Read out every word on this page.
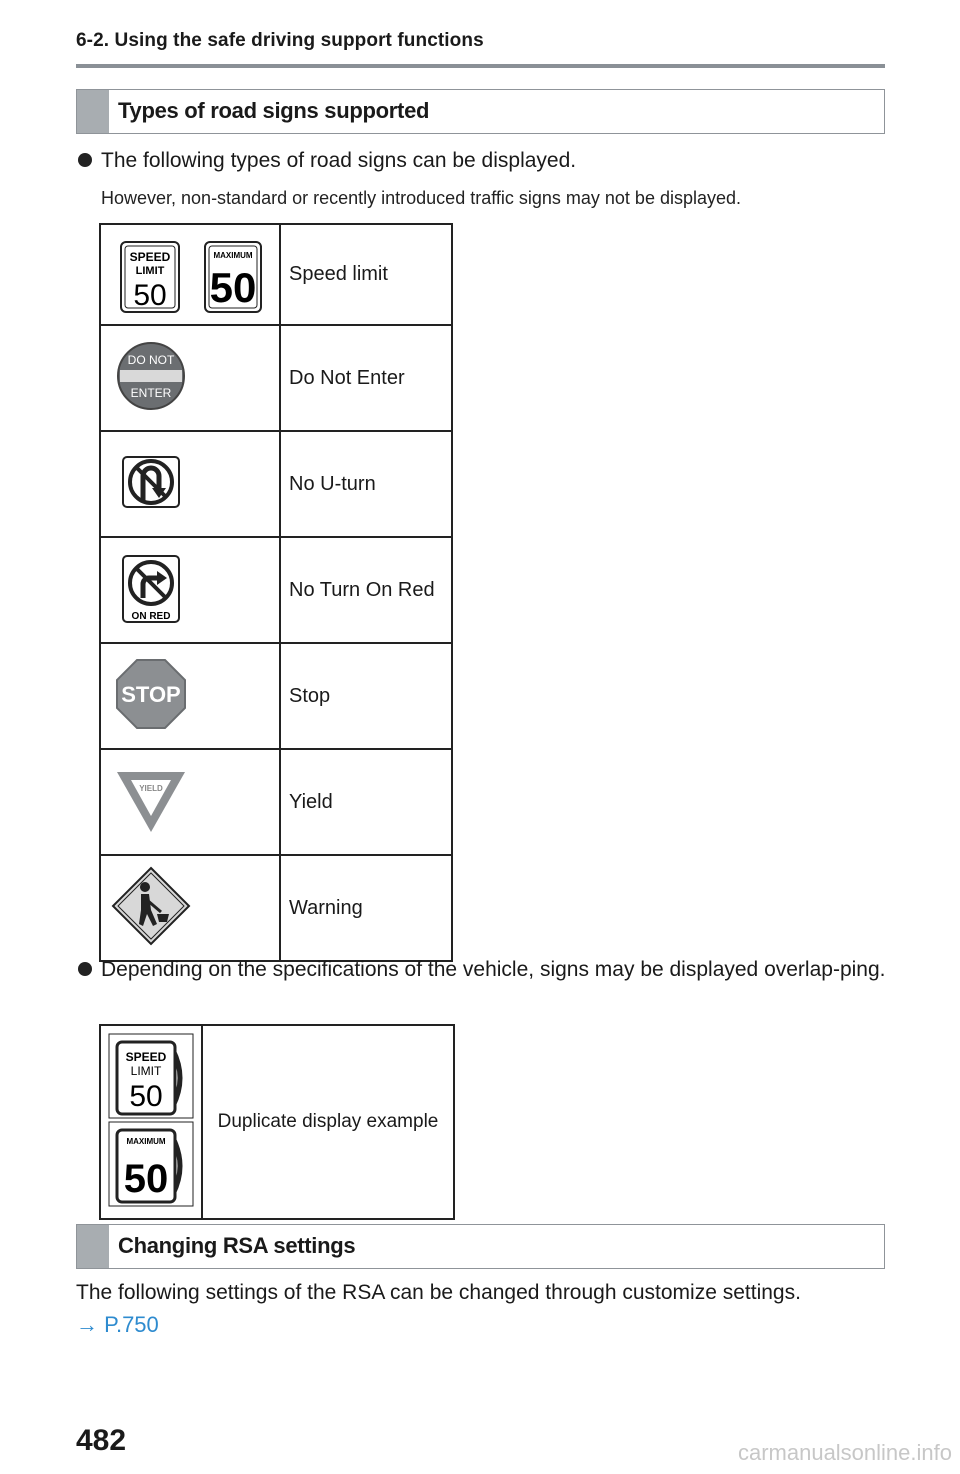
6-2. Using the safe driving support functions
Types of road signs supported
The following types of road signs can be displayed.
However, non-standard or recently introduced traffic signs may not be displayed.
SPEED
LIMIT
50
MAXIMUM
50	Speed limit

DO NOT
ENTER	Do Not Enter
	No U-turn

ON RED	No Turn On Red

STOP	Stop

YIELD	Yield
	Warning
Depending on the specifications of the vehicle, signs may be displayed overlap-ping.
SPEED
LIMIT
50
MAXIMUM
50
	Duplicate display example
Changing RSA settings
The following settings of the RSA can be changed through customize settings.
→ P.750
482	carmanualsonline.info
